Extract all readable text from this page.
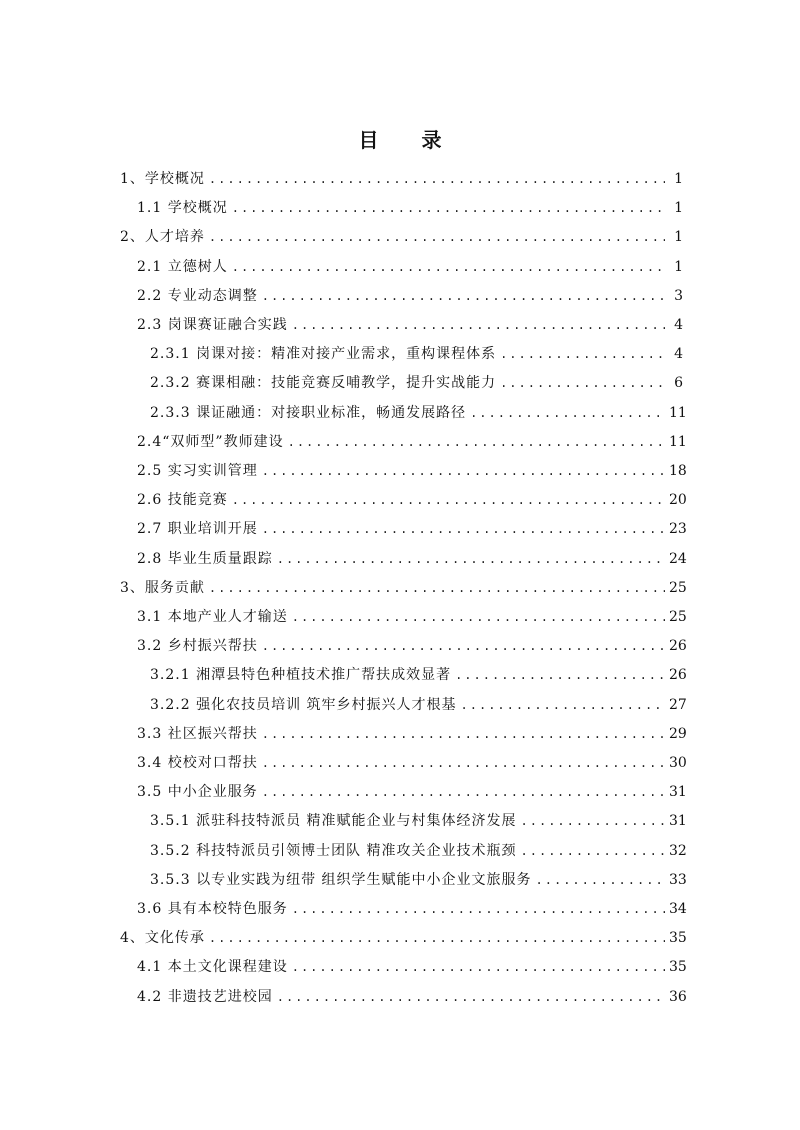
目 录
1、学校概况 .....	1
1.1 学校概况 .....	1
2、人才培养 .....	1
2.1 立德树人 .....	1
2.2 专业动态调整 .....	3
2.3 岗课赛证融合实践 .....	4
2.3.1 岗课对接：精准对接产业需求，重构课程体系 .....	4
2.3.2 赛课相融：技能竞赛反哺教学，提升实战能力 .....	6
2.3.3 课证融通：对接职业标准，畅通发展路径 .....	11
2.4“双师型”教师建设 .....	11
2.5 实习实训管理 .....	18
2.6 技能竞赛 .....	20
2.7 职业培训开展 .....	23
2.8 毕业生质量跟踪 .....	24
3、服务贡献 .....	25
3.1 本地产业人才输送 .....	25
3.2 乡村振兴帮扶 .....	26
3.2.1 湘潭县特色种植技术推广帮扶成效显著 .....	26
3.2.2 强化农技员培训 筑牢乡村振兴人才根基 .....	27
3.3 社区振兴帮扶 .....	29
3.4 校校对口帮扶 .....	30
3.5 中小企业服务 .....	31
3.5.1 派驻科技特派员 精准赋能企业与村集体经济发展 .....	31
3.5.2 科技特派员引领博士团队 精准攻关企业技术瓶颈 .....	32
3.5.3 以专业实践为纽带 组织学生赋能中小企业文旅服务 .....	33
3.6 具有本校特色服务 .....	34
4、文化传承 .....	35
4.1 本土文化课程建设 .....	35
4.2 非遗技艺进校园 .....	36
